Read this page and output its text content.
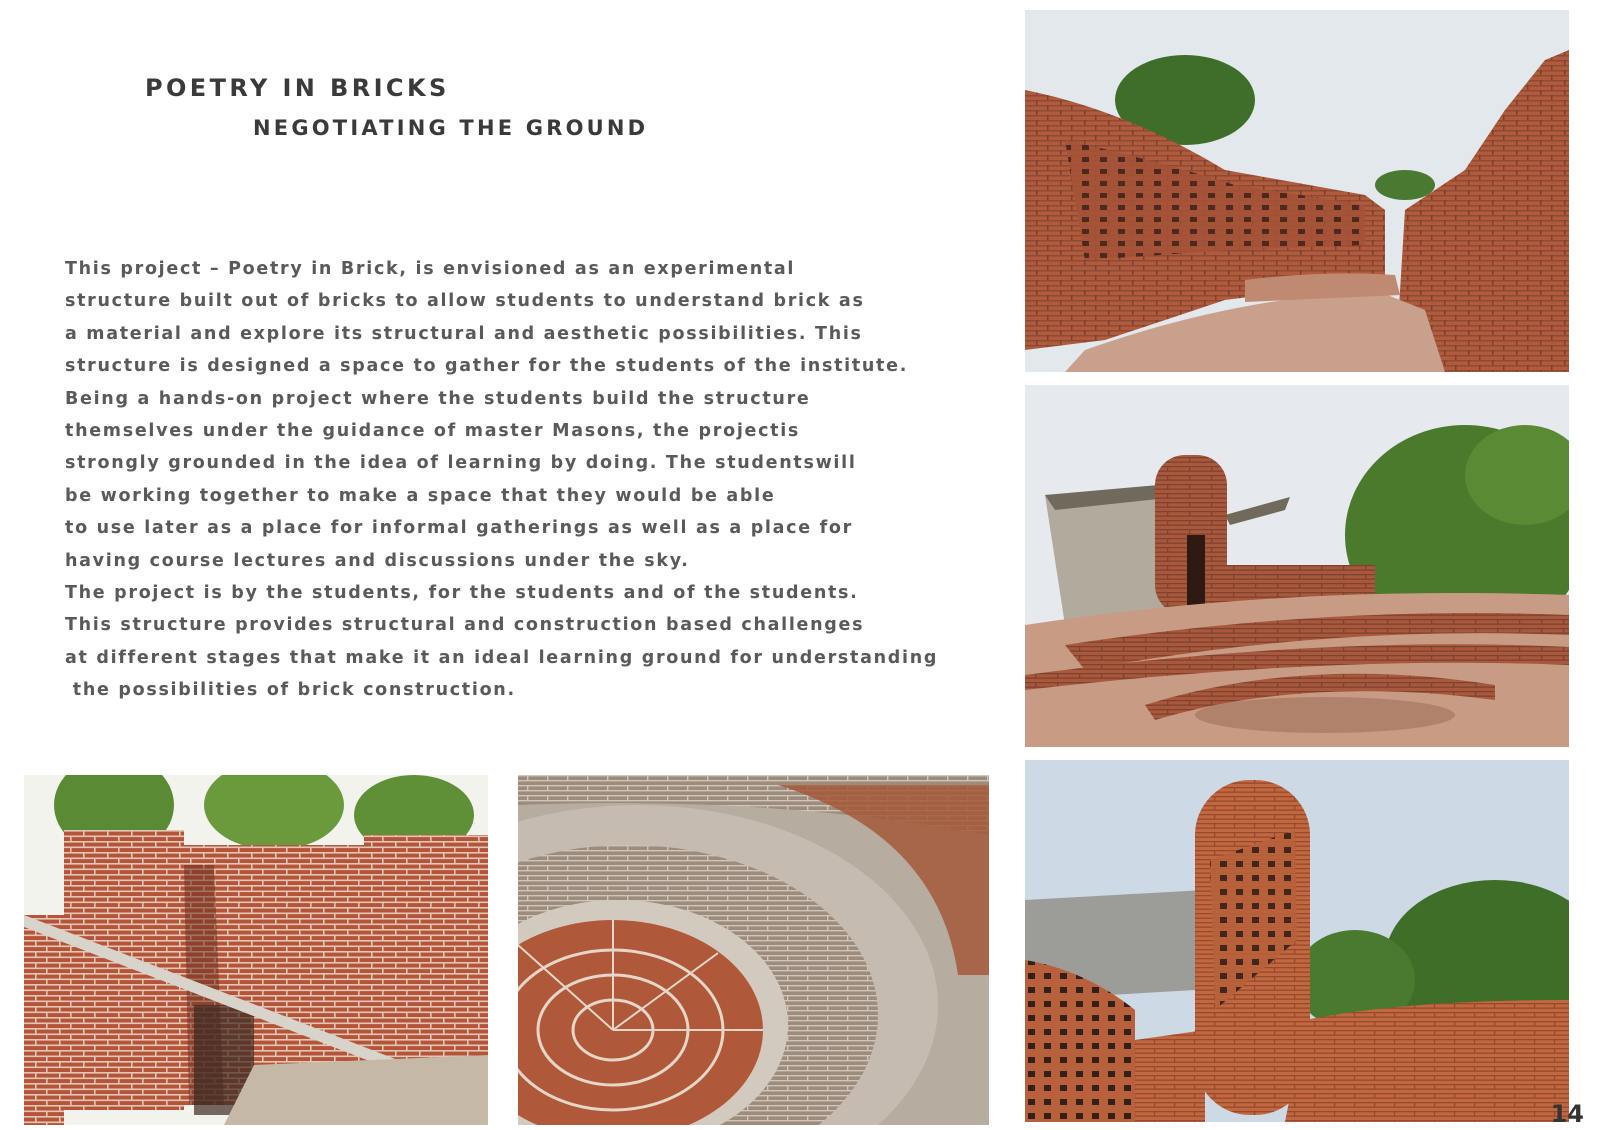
POETRY IN BRICKS
NEGOTIATING THE GROUND
This project – Poetry in Brick, is envisioned as an experimental
structure built out of bricks to allow students to understand brick as
a material and explore its structural and aesthetic possibilities. This
structure is designed a space to gather for the students of the institute.
Being a hands-on project where the students build the structure
themselves under the guidance of master Masons, the projectis
strongly grounded in the idea of learning by doing. The studentswill
be working together to make a space that they would be able
to use later as a place for informal gatherings as well as a place for
having course lectures and discussions under the sky.
The project is by the students, for the students and of the students.
This structure provides structural and construction based challenges
at different stages that make it an ideal learning ground for understanding
the possibilities of brick construction.
14
